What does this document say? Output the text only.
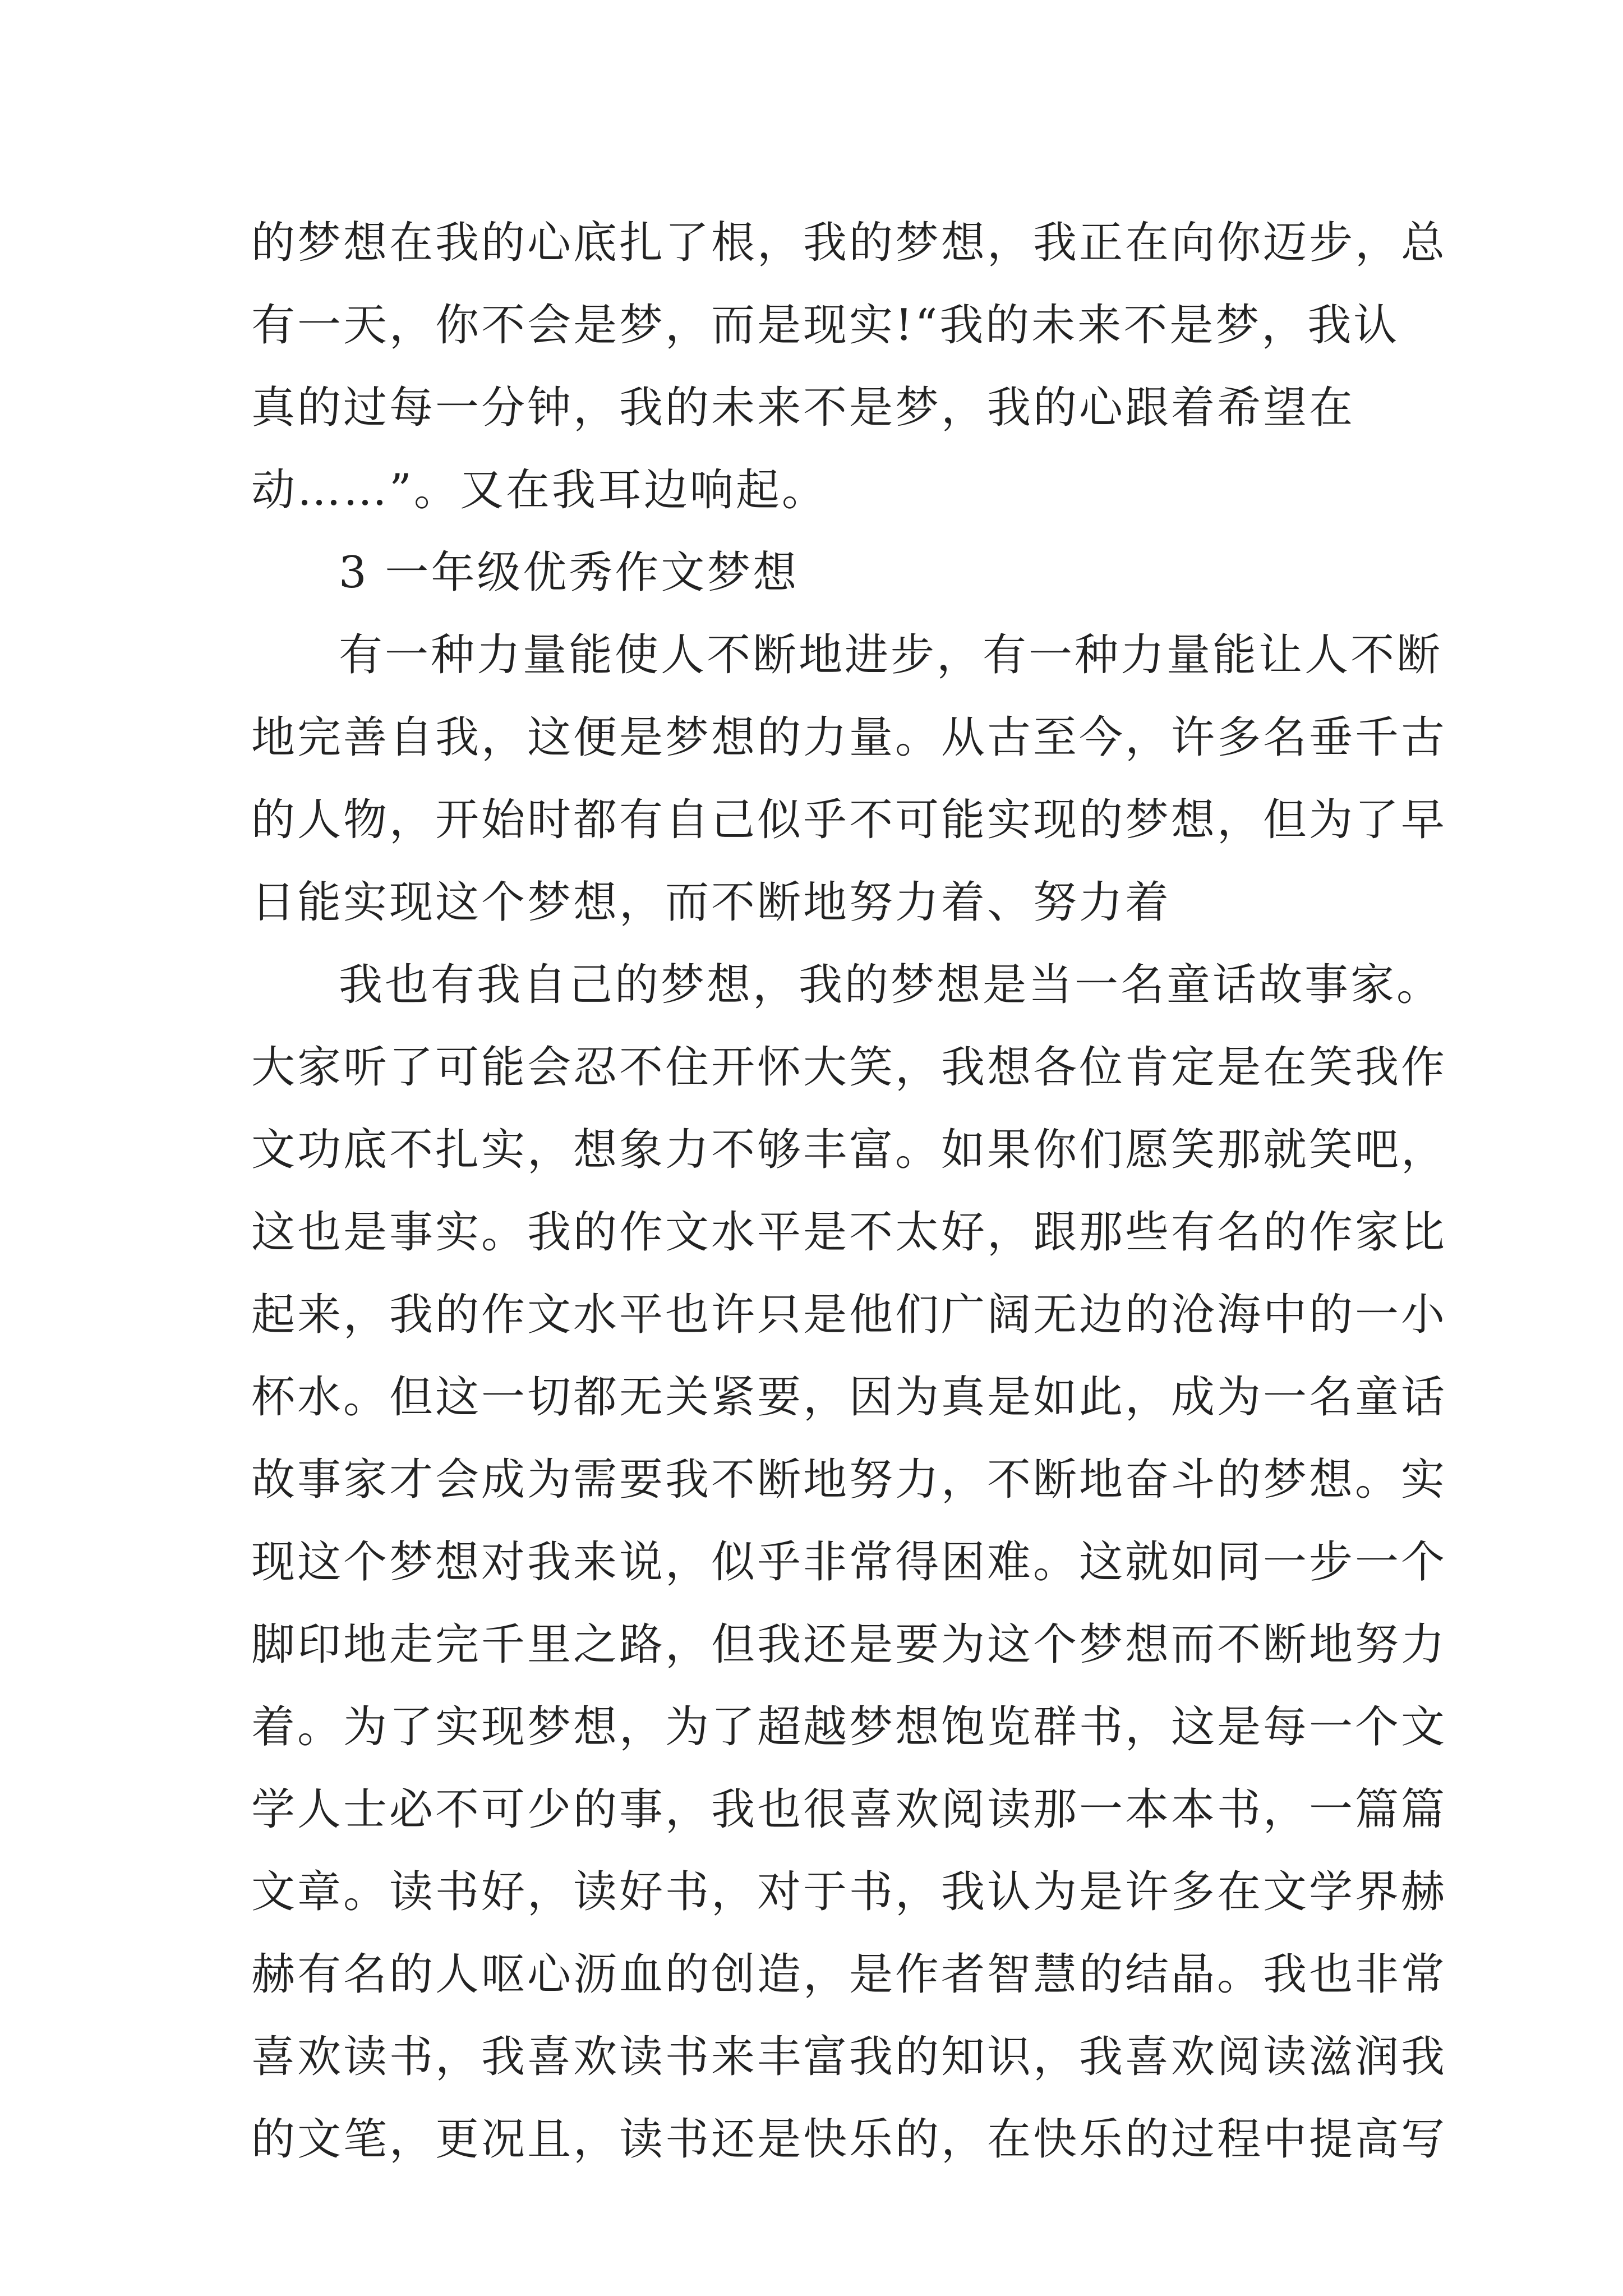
的梦想在我的心底扎了根，我的梦想，我正在向你迈步，总
有一天，你不会是梦，而是现实!“我的未来不是梦，我认
真的过每一分钟，我的未来不是梦，我的心跟着希望在
动……”。又在我耳边响起。
3 一年级优秀作文梦想
有一种力量能使人不断地进步，有一种力量能让人不断
地完善自我，这便是梦想的力量。从古至今，许多名垂千古
的人物，开始时都有自己似乎不可能实现的梦想，但为了早
日能实现这个梦想，而不断地努力着、努力着
我也有我自己的梦想，我的梦想是当一名童话故事家。
大家听了可能会忍不住开怀大笑，我想各位肯定是在笑我作
文功底不扎实，想象力不够丰富。如果你们愿笑那就笑吧，
这也是事实。我的作文水平是不太好，跟那些有名的作家比
起来，我的作文水平也许只是他们广阔无边的沧海中的一小
杯水。但这一切都无关紧要，因为真是如此，成为一名童话
故事家才会成为需要我不断地努力，不断地奋斗的梦想。实
现这个梦想对我来说，似乎非常得困难。这就如同一步一个
脚印地走完千里之路，但我还是要为这个梦想而不断地努力
着。为了实现梦想，为了超越梦想饱览群书，这是每一个文
学人士必不可少的事，我也很喜欢阅读那一本本书，一篇篇
文章。读书好，读好书，对于书，我认为是许多在文学界赫
赫有名的人呕心沥血的创造，是作者智慧的结晶。我也非常
喜欢读书，我喜欢读书来丰富我的知识，我喜欢阅读滋润我
的文笔，更况且，读书还是快乐的，在快乐的过程中提高写
